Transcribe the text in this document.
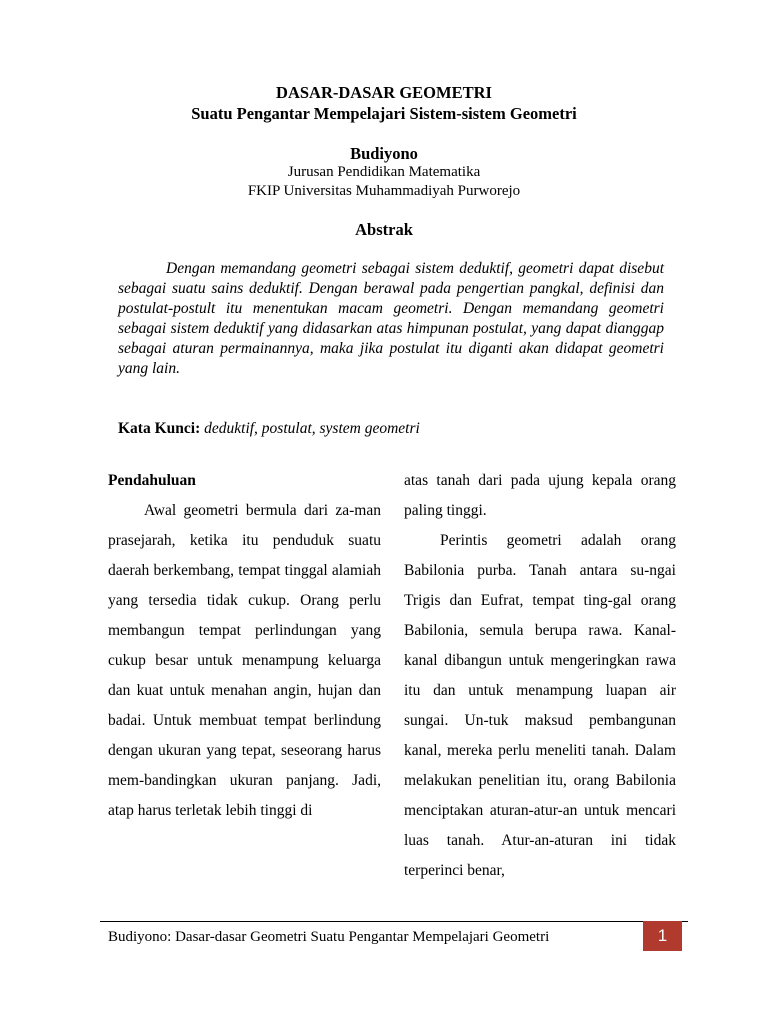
DASAR-DASAR GEOMETRI
Suatu Pengantar Mempelajari Sistem-sistem Geometri
Budiyono
Jurusan Pendidikan Matematika
FKIP Universitas Muhammadiyah Purworejo
Abstrak

Dengan memandang geometri sebagai sistem deduktif, geometri dapat disebut sebagai suatu sains deduktif. Dengan berawal pada pengertian pangkal, definisi dan postulat-postult itu menentukan macam geometri. Dengan memandang geometri sebagai sistem deduktif yang didasarkan atas himpunan postulat, yang dapat dianggap sebagai aturan permainannya, maka jika postulat itu diganti akan didapat geometri yang lain.

Kata Kunci: deduktif, postulat, system geometri

Pendahuluan

Awal geometri bermula dari za-man prasejarah, ketika itu penduduk suatu daerah berkembang, tempat tinggal alamiah yang tersedia tidak cukup. Orang perlu membangun tempat perlindungan yang cukup besar untuk menampung keluarga dan kuat untuk menahan angin, hujan dan badai. Untuk membuat tempat berlindung dengan ukuran yang tepat, seseorang harus mem-bandingkan ukuran panjang. Jadi, atap harus terletak lebih tinggi di

atas tanah dari pada ujung kepala orang paling tinggi.

Perintis geometri adalah orang Babilonia purba. Tanah antara su-ngai Trigis dan Eufrat, tempat ting-gal orang Babilonia, semula berupa rawa. Kanal-kanal dibangun untuk mengeringkan rawa itu dan untuk menampung luapan air sungai. Un-tuk maksud pembangunan kanal, mereka perlu meneliti tanah. Dalam melakukan penelitian itu, orang Babilonia menciptakan aturan-atur-an untuk mencari luas tanah. Atur-an-aturan ini tidak terperinci benar,

Budiyono: Dasar-dasar Geometri Suatu Pengantar Mempelajari Geometri	1
